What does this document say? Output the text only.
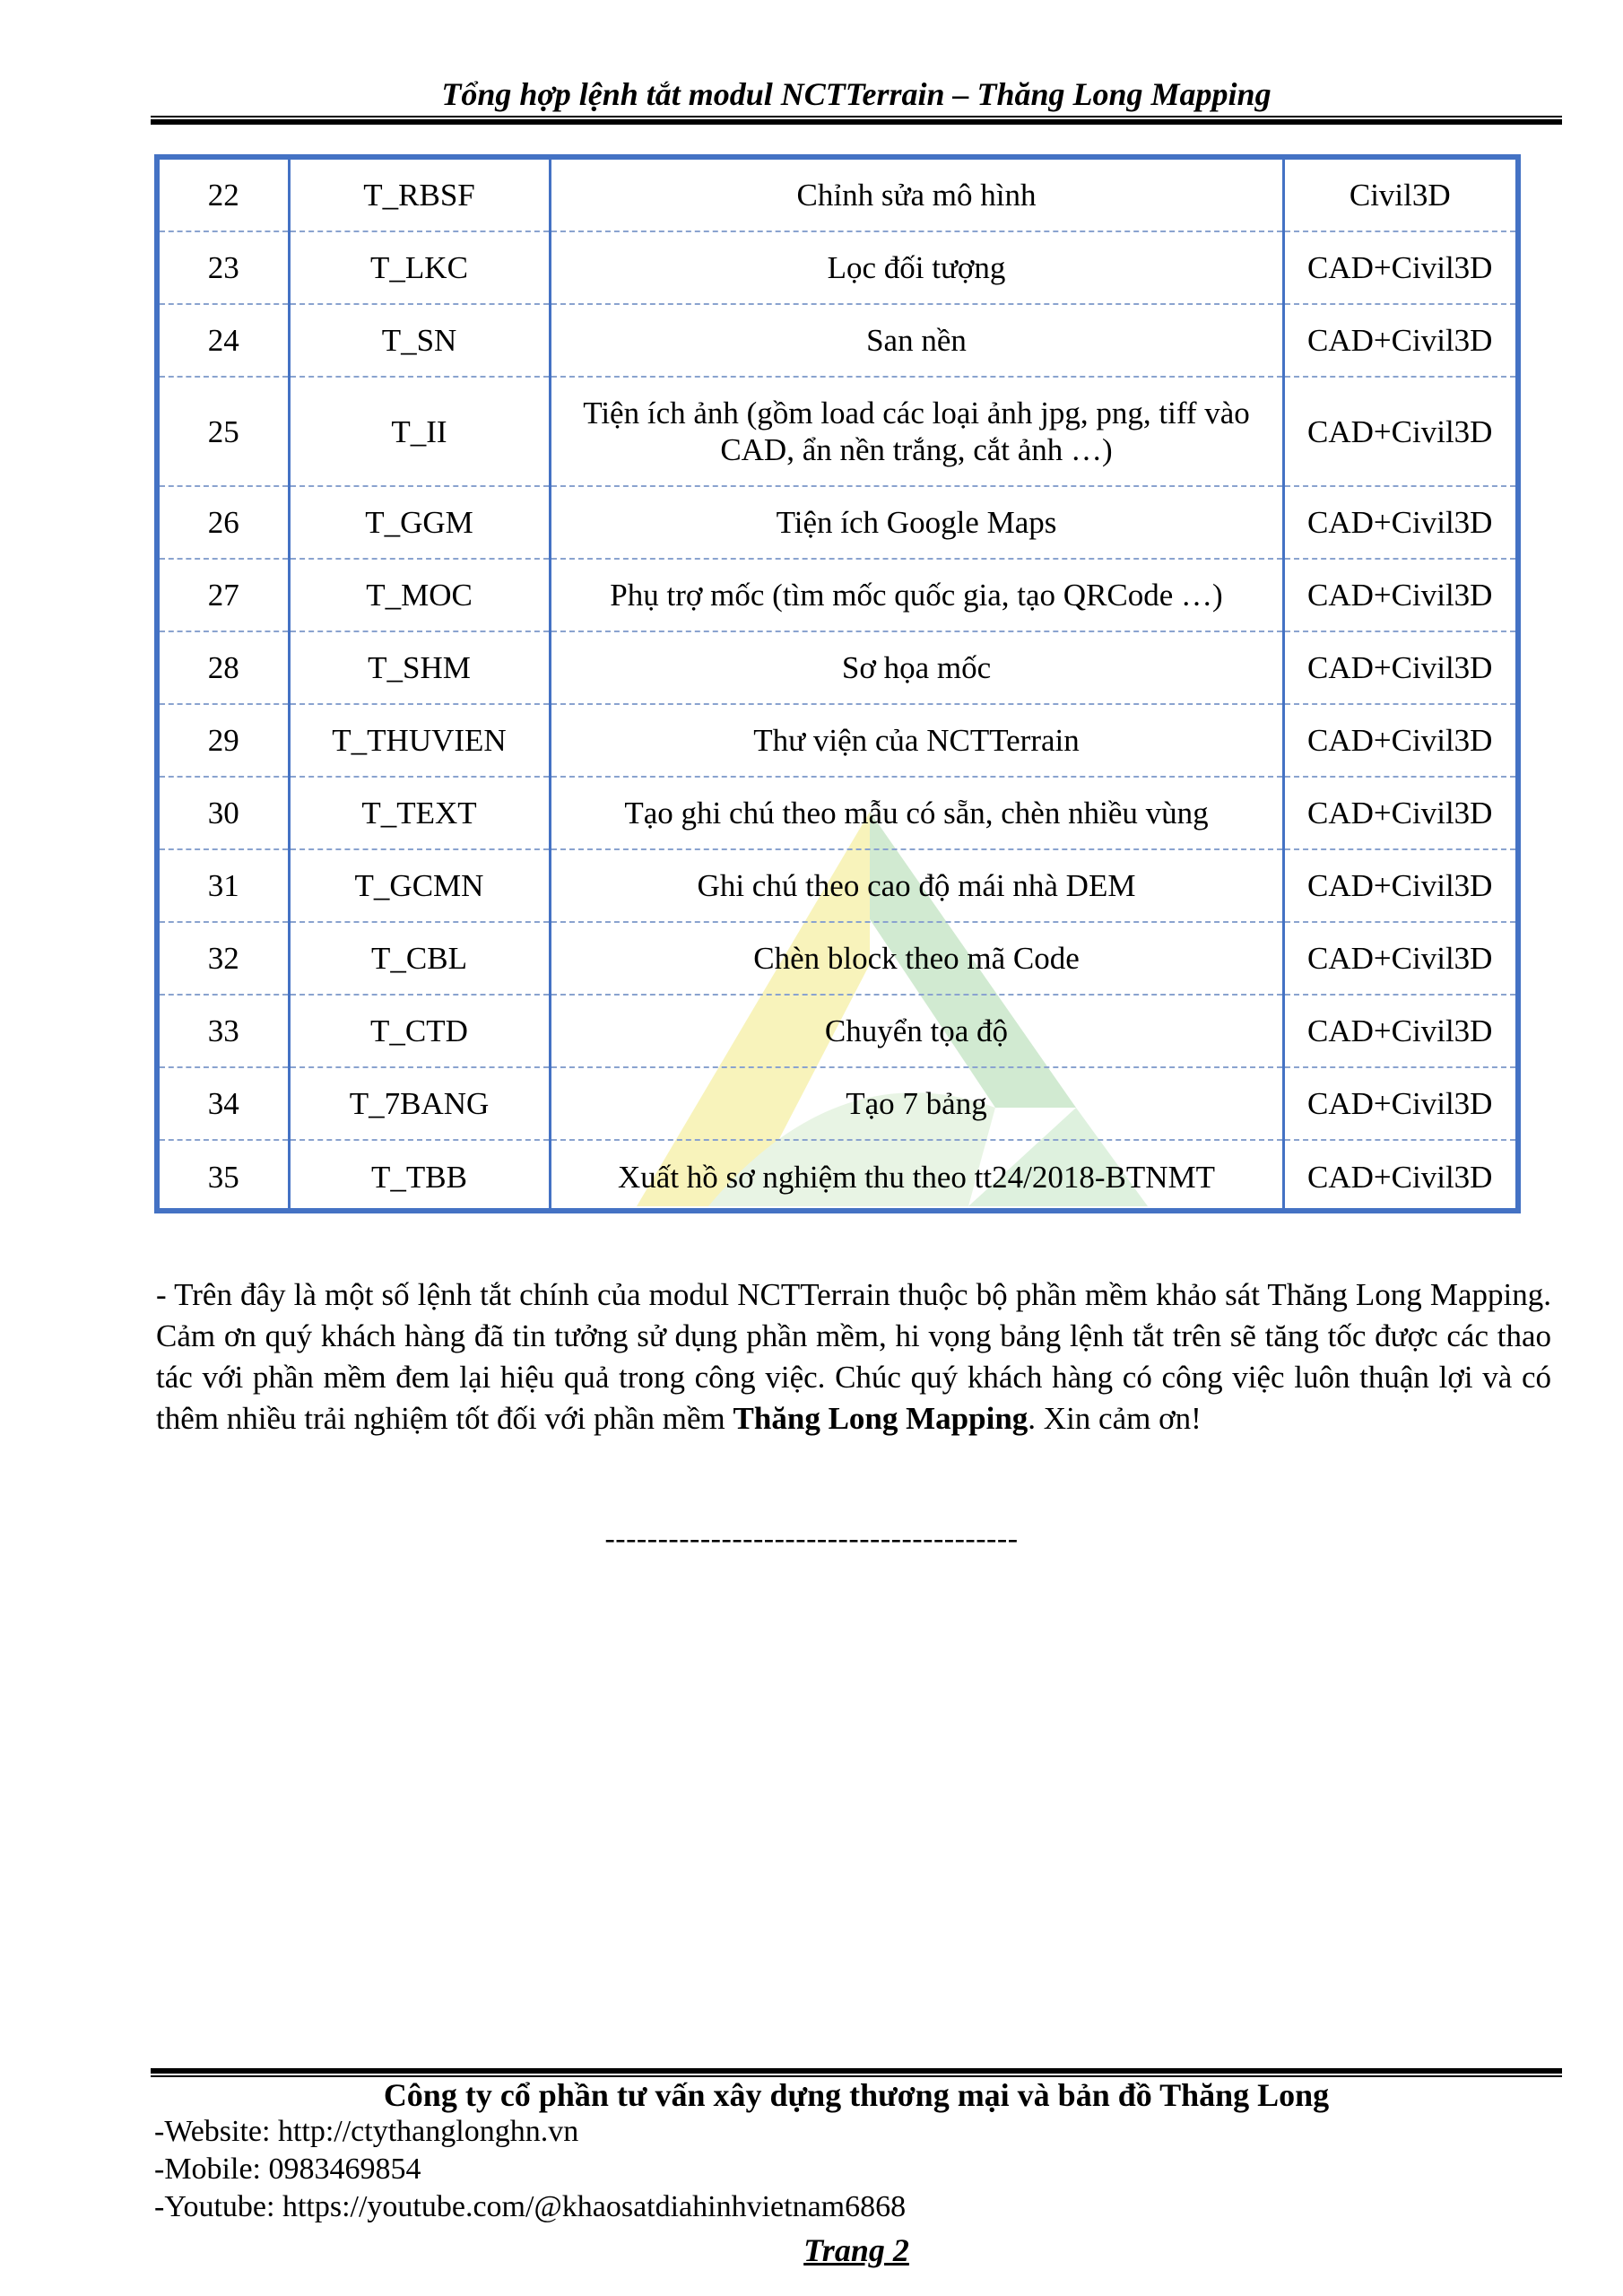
Tổng hợp lệnh tắt modul NCTTerrain – Thăng Long Mapping
22	T_RBSF	Chỉnh sửa mô hình	Civil3D
23	T_LKC	Lọc đối tượng	CAD+Civil3D
24	T_SN	San nền	CAD+Civil3D
25	T_II	Tiện ích ảnh (gồm load các loại ảnh jpg, png, tiff vào CAD, ẩn nền trắng, cắt ảnh …)	CAD+Civil3D
26	T_GGM	Tiện ích Google Maps	CAD+Civil3D
27	T_MOC	Phụ trợ mốc (tìm mốc quốc gia, tạo QRCode …)	CAD+Civil3D
28	T_SHM	Sơ họa mốc	CAD+Civil3D
29	T_THUVIEN	Thư viện của NCTTerrain	CAD+Civil3D
30	T_TEXT	Tạo ghi chú theo mẫu có sẵn, chèn nhiều vùng	CAD+Civil3D
31	T_GCMN	Ghi chú theo cao độ mái nhà DEM	CAD+Civil3D
32	T_CBL	Chèn block theo mã Code	CAD+Civil3D
33	T_CTD	Chuyển tọa độ	CAD+Civil3D
34	T_7BANG	Tạo 7 bảng	CAD+Civil3D
35	T_TBB	Xuất hồ sơ nghiệm thu theo tt24/2018-BTNMT	CAD+Civil3D
- Trên đây là một số lệnh tắt chính của modul NCTTerrain thuộc bộ phần mềm khảo sát Thăng Long Mapping. Cảm ơn quý khách hàng đã tin tưởng sử dụng phần mềm, hi vọng bảng lệnh tắt trên sẽ tăng tốc được các thao tác với phần mềm đem lại hiệu quả trong công việc. Chúc quý khách hàng có công việc luôn thuận lợi và có thêm nhiều trải nghiệm tốt đối với phần mềm Thăng Long Mapping. Xin cảm ơn!
---------------------------------------
Công ty cổ phần tư vấn xây dựng thương mại và bản đồ Thăng Long
-Website: http://ctythanglonghn.vn
-Mobile: 0983469854
-Youtube: https://youtube.com/@khaosatdiahinhvietnam6868
Trang 2
